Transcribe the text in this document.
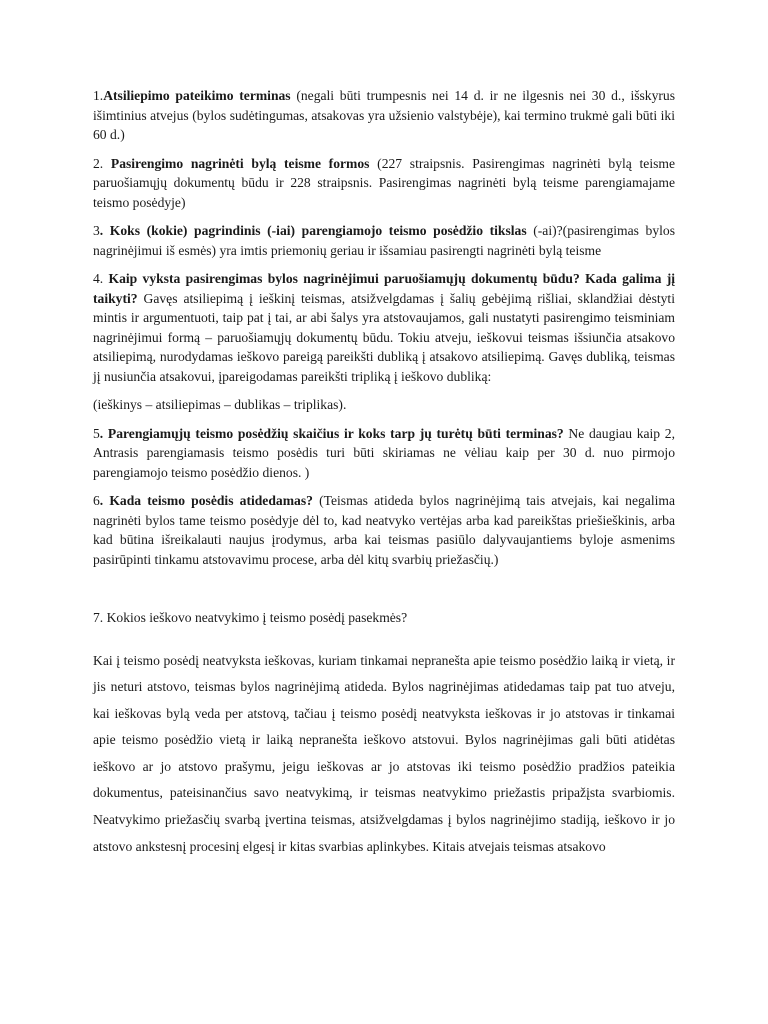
1.Atsiliepimo pateikimo terminas (negali būti trumpesnis nei 14 d. ir ne ilgesnis nei 30 d., išskyrus išimtinius atvejus (bylos sudėtingumas, atsakovas yra užsienio valstybėje), kai termino trukmė gali būti iki 60 d.)

2. Pasirengimo nagrinėti bylą teisme formos (227 straipsnis. Pasirengimas nagrinėti bylą teisme paruošiamųjų dokumentų būdu ir 228 straipsnis. Pasirengimas nagrinėti bylą teisme parengiamajame teismo posėdyje)

3. Koks (kokie) pagrindinis (-iai) parengiamojo teismo posėdžio tikslas (-ai)?(pasirengimas bylos nagrinėjimui iš esmės) yra imtis priemonių geriau ir išsamiau pasirengti nagrinėti bylą teisme

4. Kaip vyksta pasirengimas bylos nagrinėjimui paruošiamųjų dokumentų būdu? Kada galima jį taikyti? Gavęs atsiliepimą į ieškinį teismas, atsižvelgdamas į šalių gebėjimą rišliai, sklandžiai dėstyti mintis ir argumentuoti, taip pat į tai, ar abi šalys yra atstovaujamos, gali nustatyti pasirengimo teisminiam nagrinėjimui formą – paruošiamųjų dokumentų būdu. Tokiu atveju, ieškovui teismas išsiunčia atsakovo atsiliepimą, nurodydamas ieškovo pareigą pareikšti dubliką į atsakovo atsiliepimą. Gavęs dubliką, teismas jį nusiunčia atsakovui, įpareigodamas pareikšti tripliką į ieškovo dubliką:

(ieškinys – atsiliepimas – dublikas – triplikas).

5. Parengiamųjų teismo posėdžių skaičius ir koks tarp jų turėtų būti terminas? Ne daugiau kaip 2, Antrasis parengiamasis teismo posėdis turi būti skiriamas ne vėliau kaip per 30 d. nuo pirmojo parengiamojo teismo posėdžio dienos. )

6. Kada teismo posėdis atidedamas? (Teismas atideda bylos nagrinėjimą tais atvejais, kai negalima nagrinėti bylos tame teismo posėdyje dėl to, kad neatvyko vertėjas arba kad pareikštas priešieškinis, arba kad būtina išreikalauti naujus įrodymus, arba kai teismas pasiūlo dalyvaujantiems byloje asmenims pasirūpinti tinkamu atstovavimu procese, arba dėl kitų svarbių priežasčių.)

7. Kokios ieškovo neatvykimo į teismo posėdį pasekmės?

Kai į teismo posėdį neatvyksta ieškovas, kuriam tinkamai nepranešta apie teismo posėdžio laiką ir vietą, ir jis neturi atstovo, teismas bylos nagrinėjimą atideda. Bylos nagrinėjimas atidedamas taip pat tuo atveju, kai ieškovas bylą veda per atstovą, tačiau į teismo posėdį neatvyksta ieškovas ir jo atstovas ir tinkamai apie teismo posėdžio vietą ir laiką nepranešta ieškovo atstovui. Bylos nagrinėjimas gali būti atidėtas ieškovo ar jo atstovo prašymu, jeigu ieškovas ar jo atstovas iki teismo posėdžio pradžios pateikia dokumentus, pateisinančius savo neatvykimą, ir teismas neatvykimo priežastis pripažįsta svarbiomis. Neatvykimo priežasčių svarbą įvertina teismas, atsižvelgdamas į bylos nagrinėjimo stadiją, ieškovo ir jo atstovo ankstesnį procesinį elgesį ir kitas svarbias aplinkybes. Kitais atvejais teismas atsakovo
